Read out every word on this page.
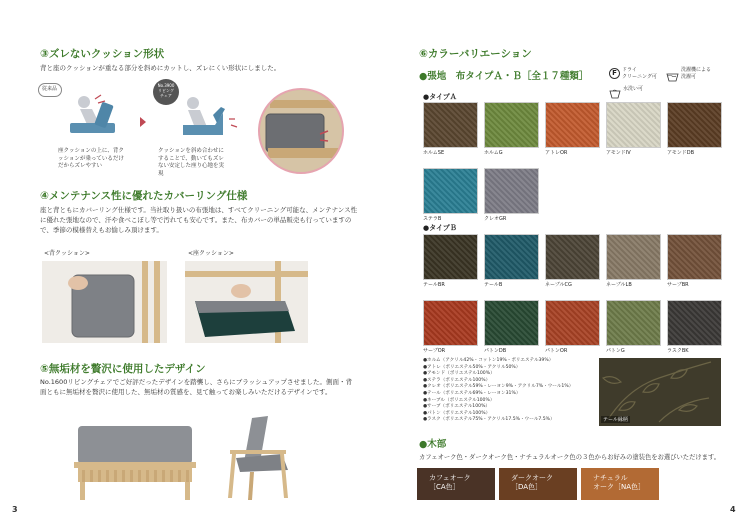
③ズレないクッション形状
背と座のクッションが重なる部分を斜めにカットし、ズレにくい形状にしました。
従来品
座クッションの上に、背クッションが乗っているだけだからズレやすい
No.3900
リビング
チェア
クッションを斜め合わせにすることで、動いてもズレない安定した座り心地を実現
④メンテナンス性に優れたカバーリング仕様
座と背ともにカバーリング仕様です。当社取り扱いの布張地は、すべてクリーニング可能な、メンテナンス性に優れた張地なので、汗や食べこぼし等で汚れても安心です。また、布カバーの単品販売も行っていますので、季節の模様替えもお愉しみ頂けます。
<背クッション>	<座クッション>
⑤無垢材を贅沢に使用したデザイン
No.1600リビングチェアでご好評だったデザインを踏襲し、さらにブラッシュアップさせました。側面・背面ともに無垢材を贅沢に使用した、無垢材の質感を、見て触ってお楽しみいただけるデザインです。
3
⑥カラーバリエーション
●張地　布タイプＡ・Ｂ［全１７種類］	F	ドライ
クリーニング可
洗濯機による
洗濯可
水洗い可
●タイプＡ
ホルムSE	ホルムG	アトレOR	アモンドIV	アモンドDB
ステラB	クレオGR
●タイプＢ
テールBR	テールB	ネーブルCG	ネーブルLB	サーブBR
サーブOR	パトンDB	パトンOR	パトンG	ラスクBK
●ホルム（アクリル42%・コットン19%・ポリエステル39%）
●アトレ（ポリエステル50%・アクリル50%）
●アモンド（ポリエステル100%）
●ステラ（ポリエステル100%）
●クレオ（ポリエステル59%・レーヨン9%・アクリル7%・ウール1%）
●テール（ポリエステル69%・レーヨン31%）
●ネーブル（ポリエステル100%）
●サーブ（ポリエステル100%）
●パトン（ポリエステル100%）
●ラスク（ポリエステル75%・アクリル17.5%・ウール7.5%）	テール縁柄
●木部
カフェオーク色・ダークオーク色・ナチュラルオーク色の３色からお好みの塗装色をお選びいただけます。
カフェオーク
［CA色］
ダークオーク
［DA色］
ナチュラル
オーク［NA色］
4
